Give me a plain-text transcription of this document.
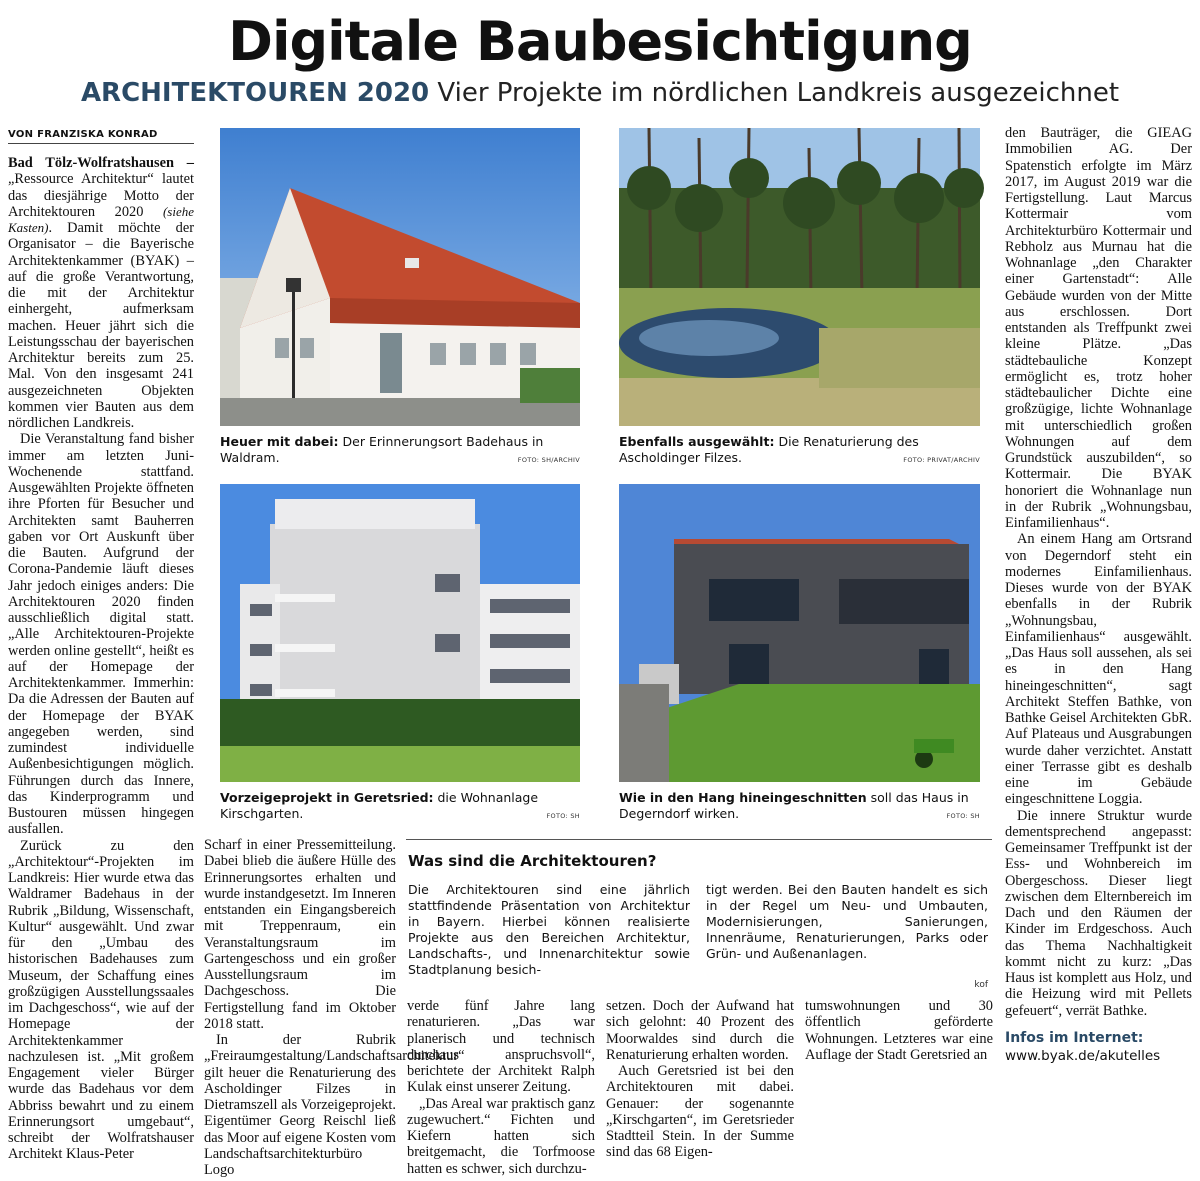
Digitale Baubesichtigung
ARCHITEKTOUREN 2020 Vier Projekte im nördlichen Landkreis ausgezeichnet
VON FRANZISKA KONRAD

Bad Tölz-Wolfratshausen – „Ressource Architektur“ lautet das diesjährige Motto der Architektouren 2020 (siehe Kasten). Damit möchte der Organisator – die Bayerische Architektenkammer (BYAK) – auf die große Verantwortung, die mit der Architektur einhergeht, aufmerksam machen. Heuer jährt sich die Leistungsschau der bayerischen Architektur bereits zum 25. Mal. Von den insgesamt 241 ausgezeichneten Objekten kommen vier Bauten aus dem nördlichen Landkreis.

Die Veranstaltung fand bisher immer am letzten Juni-Wochenende stattfand. Ausgewählten Projekte öffneten ihre Pforten für Besucher und Architekten samt Bauherren gaben vor Ort Auskunft über die Bauten. Aufgrund der Corona-Pandemie läuft dieses Jahr jedoch einiges anders: Die Architektouren 2020 finden ausschließlich digital statt. „Alle Architektouren-Projekte werden online gestellt“, heißt es auf der Homepage der Architektenkammer. Immerhin: Da die Adressen der Bauten auf der Homepage der BYAK angegeben werden, sind zumindest individuelle Außenbesichtigungen möglich. Führungen durch das Innere, das Kinderprogramm und Bustouren müssen hingegen ausfallen.

Zurück zu den „Architektour“-Projekten im Landkreis: Hier wurde etwa das Waldramer Badehaus in der Rubrik „Bildung, Wissenschaft, Kultur“ ausgewählt. Und zwar für den „Umbau des historischen Badehauses zum Museum, der Schaffung eines großzügigen Ausstellungssaales im Dachgeschoss“, wie auf der Homepage der Architektenkammer nachzulesen ist. „Mit großem Engagement vieler Bürger wurde das Badehaus vor dem Abbriss bewahrt und zu einem Erinnerungsort umgebaut“, schreibt der Wolfratshauser Architekt Klaus-Peter

Heuer mit dabei: Der Erinnerungsort Badehaus in Waldram.	FOTO: SH/ARCHIV
Ebenfalls ausgewählt: Die Renaturierung des Ascholdinger Filzes.	FOTO: PRIVAT/ARCHIV
Vorzeigeprojekt in Geretsried: die Wohnanlage Kirschgarten.	FOTO: SH
Wie in den Hang hineingeschnitten soll das Haus in Degerndorf wirken.	FOTO: SH

Scharf in einer Pressemitteilung. Dabei blieb die äußere Hülle des Erinnerungsortes erhalten und wurde instandgesetzt. Im Inneren entstanden ein Eingangsbereich mit Treppenraum, ein Veranstaltungsraum im Gartengeschoss und ein großer Ausstellungsraum im Dachgeschoss. Die Fertigstellung fand im Oktober 2018 statt.

In der Rubrik „Freiraumgestaltung/Landschaftsarchitektur“ gilt heuer die Renaturierung des Ascholdinger Filzes in Dietramszell als Vorzeigeprojekt. Eigentümer Georg Reischl ließ das Moor auf eigene Kosten vom Landschaftsarchitekturbüro Logo

Was sind die Architektouren?
Die Architektouren sind eine jährlich stattfindende Präsentation von Architektur in Bayern. Hierbei können realisierte Projekte aus den Bereichen Architektur, Landschafts-, und Innenarchitektur sowie Stadtplanung besich-
tigt werden. Bei den Bauten handelt es sich in der Regel um Neu- und Umbauten, Modernisierungen, Sanierungen, Innenräume, Renaturierungen, Parks oder Grün- und Außenanlagen.
kof

verde fünf Jahre lang renaturieren. „Das war planerisch und technisch durchaus anspruchsvoll“, berichtete der Architekt Ralph Kulak einst unserer Zeitung.

„Das Areal war praktisch ganz zugewuchert.“ Fichten und Kiefern hatten sich breitgemacht, die Torfmoose hatten es schwer, sich durchzu-

setzen. Doch der Aufwand hat sich gelohnt: 40 Prozent des Moorwaldes sind durch die Renaturierung erhalten worden.

Auch Geretsried ist bei den Architektouren mit dabei. Genauer: der sogenannte „Kirschgarten“, im Geretsrieder Stadtteil Stein. In der Summe sind das 68 Eigen-

tumswohnungen und 30 öffentlich geförderte Wohnungen. Letzteres war eine Auflage der Stadt Geretsried an

den Bauträger, die GIEAG Immobilien AG. Der Spatenstich erfolgte im März 2017, im August 2019 war die Fertigstellung. Laut Marcus Kottermair vom Architekturbüro Kottermair und Rebholz aus Murnau hat die Wohnanlage „den Charakter einer Gartenstadt“: Alle Gebäude wurden von der Mitte aus erschlossen. Dort entstanden als Treffpunkt zwei kleine Plätze. „Das städtebauliche Konzept ermöglicht es, trotz hoher städtebaulicher Dichte eine großzügige, lichte Wohnanlage mit unterschiedlich großen Wohnungen auf dem Grundstück auszubilden“, so Kottermair. Die BYAK honoriert die Wohnanlage nun in der Rubrik „Wohnungsbau, Einfamilienhaus“.

An einem Hang am Ortsrand von Degerndorf steht ein modernes Einfamilienhaus. Dieses wurde von der BYAK ebenfalls in der Rubrik „Wohnungsbau, Einfamilienhaus“ ausgewählt. „Das Haus soll aussehen, als sei es in den Hang hineingeschnitten“, sagt Architekt Steffen Bathke, von Bathke Geisel Architekten GbR. Auf Plateaus und Ausgrabungen wurde daher verzichtet. Anstatt einer Terrasse gibt es deshalb eine im Gebäude eingeschnittene Loggia.

Die innere Struktur wurde dementsprechend angepasst: Gemeinsamer Treffpunkt ist der Ess- und Wohnbereich im Obergeschoss. Dieser liegt zwischen dem Elternbereich im Dach und den Räumen der Kinder im Erdgeschoss. Auch das Thema Nachhaltigkeit kommt nicht zu kurz: „Das Haus ist komplett aus Holz, und die Heizung wird mit Pellets gefeuert“, verrät Bathke.

Infos im Internet:
www.byak.de/akutelles
